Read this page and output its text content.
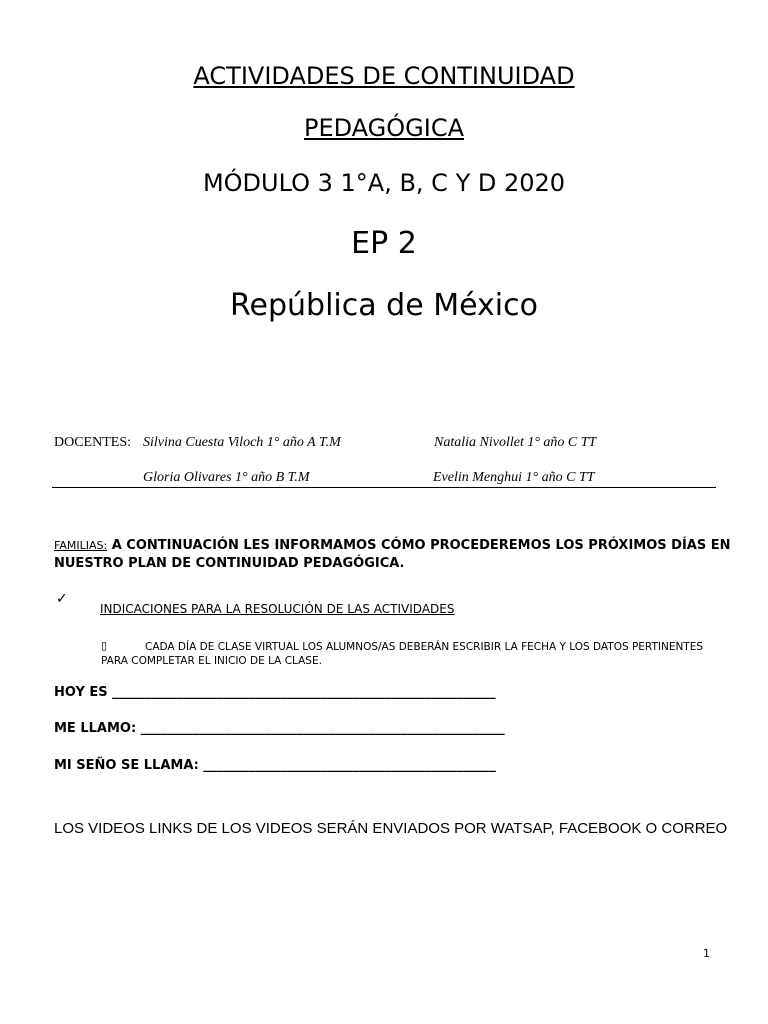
ACTIVIDADES DE CONTINUIDAD
PEDAGÓGICA
MÓDULO 3 1°A, B, C Y D 2020
EP 2
República de México
DOCENTES: Silvina Cuesta Viloch 1° año A T.M	Natalia Nivollet 1° año C TT
Gloria Olivares 1° año B T.M	Evelin Menghui 1° año C TT
FAMILIAS: A CONTINUACIÓN LES INFORMAMOS CÓMO PROCEDEREMOS LOS PRÓXIMOS DÍAS EN NUESTRO PLAN DE CONTINUIDAD PEDAGÓGICA.
✓
INDICACIONES PARA LA RESOLUCIÓN DE LAS ACTIVIDADES
▯	CADA DÍA DE CLASE VIRTUAL LOS ALUMNOS/AS DEBERÁN ESCRIBIR LA FECHA Y LOS DATOS PERTINENTES PARA COMPLETAR EL INICIO DE LA CLASE.
HOY ES ___________________________________________________________
ME LLAMO: ________________________________________________________
MI SEÑO SE LLAMA: _____________________________________________
LOS VIDEOS LINKS DE LOS VIDEOS SERÁN ENVIADOS POR WATSAP, FACEBOOK O CORREO
1
